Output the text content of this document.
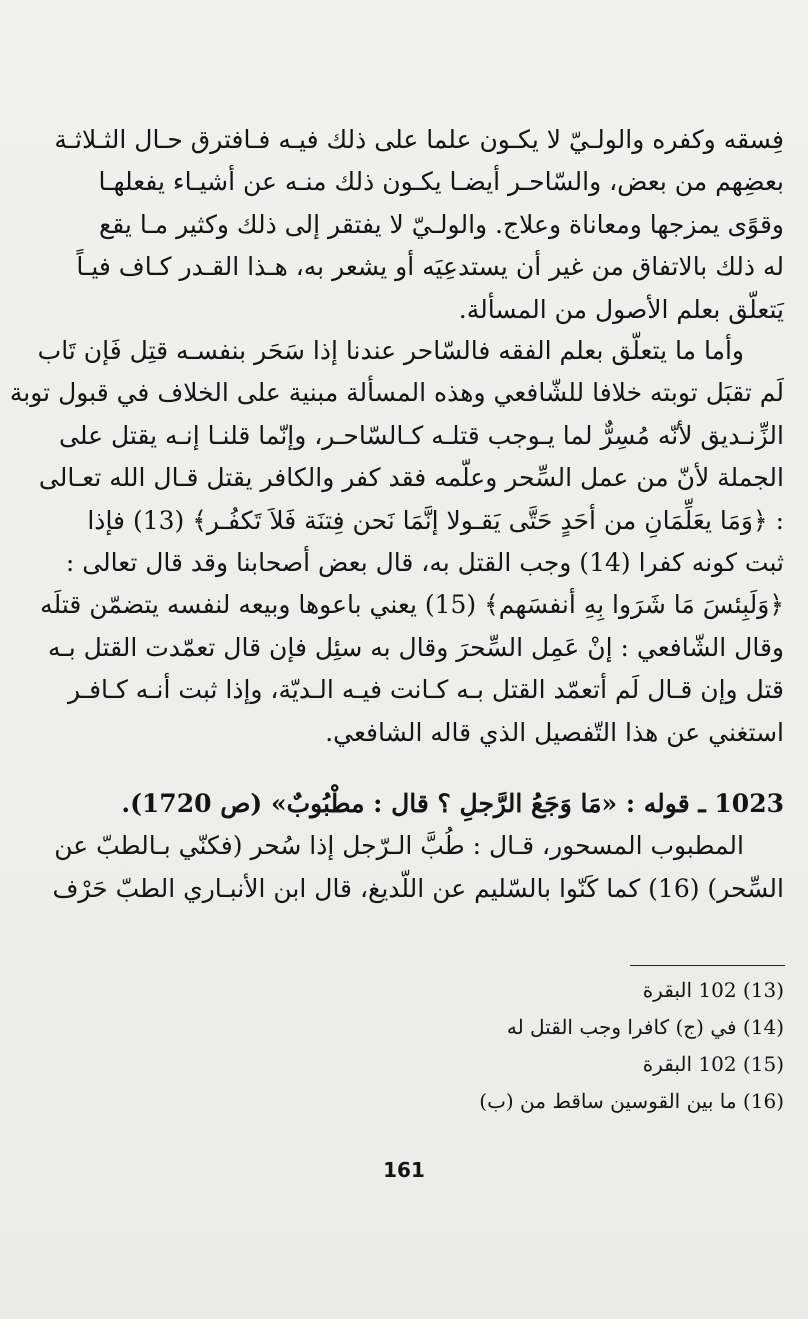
فِسقه وكفره والولـيّ لا يكـون علما على ذلك فيـه فـافترق حـال الثـلاثـة
بعضِهم من بعض، والسّاحـر أيضـا يكـون ذلك منـه عن أشيـاء يفعلهـا
وقوًى يمزجها ومعاناة وعلاج. والولـيّ لا يفتقر إلى ذلك وكثير مـا يقع
له ذلك بالاتفاق من غير أن يستدعِيَه أو يشعر به، هـذا القـدر كـاف فيـاً
يَتعلّق بعلم الأصول من المسألة.
وأما ما يتعلّق بعلم الفقه فالسّاحر عندنا إذا سَحَر بنفسـه قتِل فَإن تَاب
لَم تقبَل توبته خلافا للشّافعي وهذه المسألة مبنية على الخلاف في قبول توبة
الزِّنـديق لأنّه مُسِرٌّ لما يـوجب قتلـه كـالسّاحـر، وإنّما قلنـا إنـه يقتل على
الجملة لأنّ من عمل السِّحر وعلّمه فقد كفر والكافر يقتل قـال الله تعـالى
: ﴿وَمَا يعَلِّمَانِ من أحَدٍ حَتَّى يَقـولا إنَّمَا نَحن فِتنَة فَلاَ تَكفُـر﴾ (13) فإذا
ثبت كونه كفرا (14) وجب القتل به، قال بعض أصحابنا وقد قال تعالى :
﴿وَلَبِئسَ مَا شَرَوا بِهِ أنفسَهم﴾ (15) يعني باعوها وبيعه لنفسه يتضمّن قتلَه
وقال الشّافعي : إنْ عَمِل السِّحرَ وقال به سئِل فإن قال تعمّدت القتل بـه
قتل وإن قـال لَم أتعمّد القتل بـه كـانت فيـه الـديّة، وإذا ثبت أنـه كـافـر
استغني عن هذا التّفصيل الذي قاله الشافعي.
1023 ـ قوله : «مَا وَجَعُ الرَّجلِ ؟ قال : مطْبُوبٌ» (ص 1720).
المطبوب المسحور، قـال : طُبَّ الـرّجل إذا سُحر (فكنّي بـالطبّ عن
السِّحر) (16) كما كَنّوا بالسّليم عن اللّديغ، قال ابن الأنبـاري الطبّ حَرْف
(13) 102 البقرة
(14) في (ج) كافرا وجب القتل له
(15) 102 البقرة
(16) ما بين القوسين ساقط من (ب)
161
